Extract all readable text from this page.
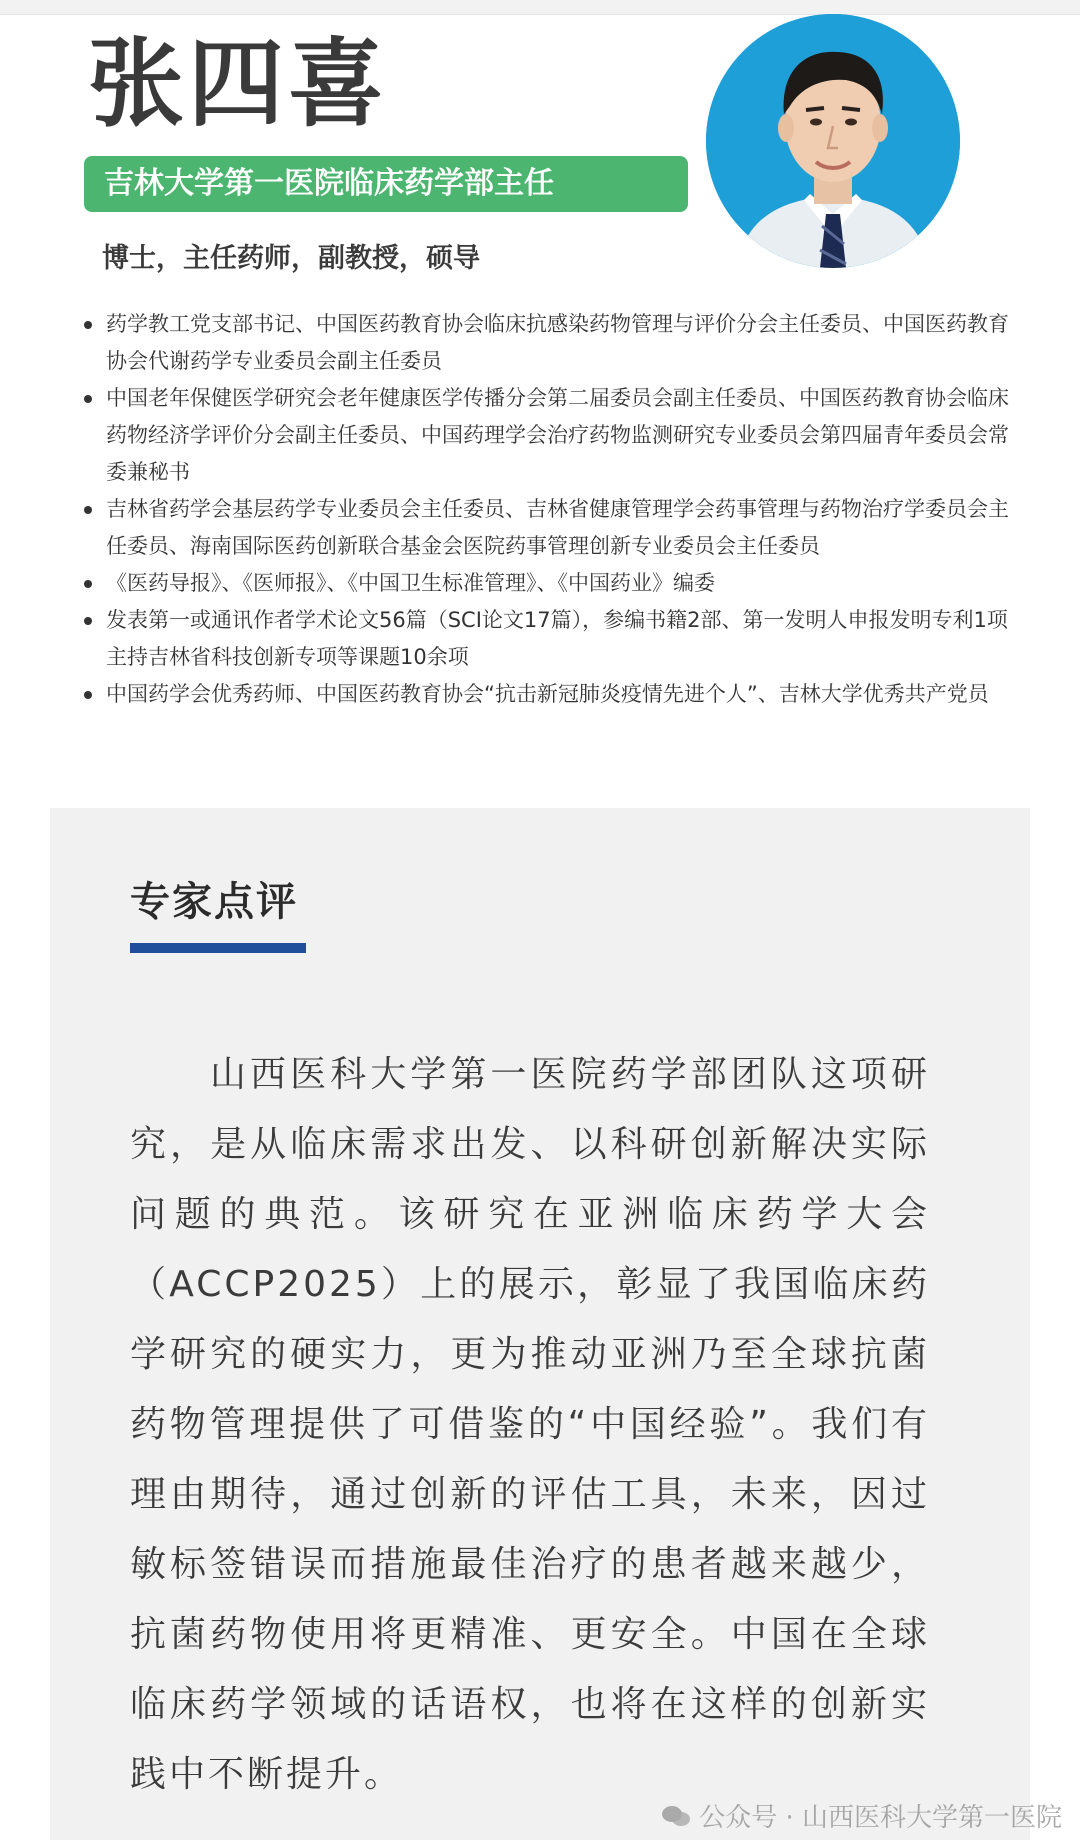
张四喜
吉林大学第一医院临床药学部主任
博士，主任药师，副教授，硕导
药学教工党支部书记、中国医药教育协会临床抗感染药物管理与评价分会主任委员、中国医药教育协会代谢药学专业委员会副主任委员
中国老年保健医学研究会老年健康医学传播分会第二届委员会副主任委员、中国医药教育协会临床药物经济学评价分会副主任委员、中国药理学会治疗药物监测研究专业委员会第四届青年委员会常委兼秘书
吉林省药学会基层药学专业委员会主任委员、吉林省健康管理学会药事管理与药物治疗学委员会主任委员、海南国际医药创新联合基金会医院药事管理创新专业委员会主任委员
《医药导报》、《医师报》、《中国卫生标准管理》、《中国药业》编委
发表第一或通讯作者学术论文56篇（SCI论文17篇），参编书籍2部、第一发明人申报发明专利1项主持吉林省科技创新专项等课题10余项
中国药学会优秀药师、中国医药教育协会“抗击新冠肺炎疫情先进个人”、吉林大学优秀共产党员
专家点评
山西医科大学第一医院药学部团队这项研究，是从临床需求出发、以科研创新解决实际问题的典范。该研究在亚洲临床药学大会（ACCP2025）上的展示，彰显了我国临床药学研究的硬实力，更为推动亚洲乃至全球抗菌药物管理提供了可借鉴的“中国经验”。我们有理由期待，通过创新的评估工具，未来，因过敏标签错误而措施最佳治疗的患者越来越少，抗菌药物使用将更精准、更安全。中国在全球临床药学领域的话语权，也将在这样的创新实践中不断提升。
公众号 · 山西医科大学第一医院
